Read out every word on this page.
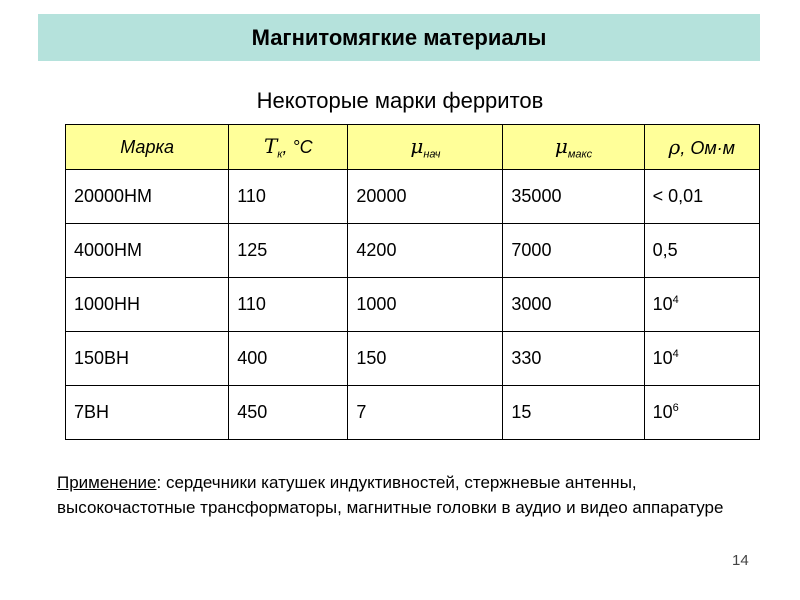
Магнитомягкие материалы
Некоторые марки ферритов
Марка	$T_к$, °С	$\mu_{нач}$	$\mu_{макс}$	ρ, Ом·м
20000НМ	110	20000	35000	< 0,01
4000НМ	125	4200	7000	0,5
1000НН	110	1000	3000	$10^4$
150ВН	400	150	330	$10^4$
7ВН	450	7	15	$10^6$
Применение: сердечники катушек индуктивностей, стержневые антенны, высокочастотные трансформаторы, магнитные головки в аудио и видео аппаратуре
14
